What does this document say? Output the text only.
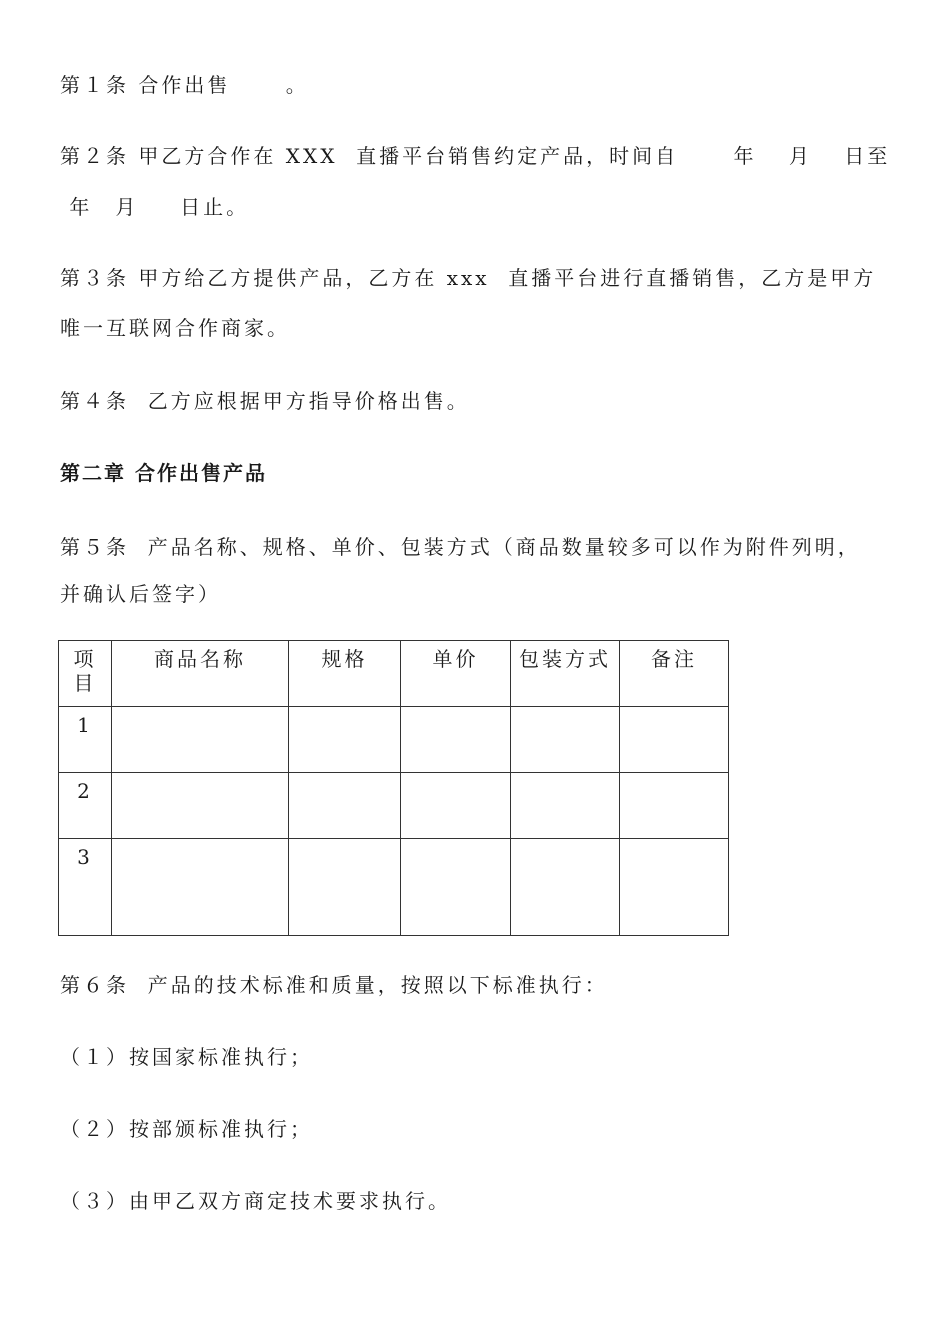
第１条 合作出售　　 。
第２条 甲乙方合作在 XXX  直播平台销售约定产品，时间自　　 年　 月　 日至
年　月　  日止。
第３条 甲方给乙方提供产品，乙方在 xxx  直播平台进行直播销售，乙方是甲方
唯一互联网合作商家。
第４条  乙方应根据甲方指导价格出售。
第二章 合作出售产品
第５条  产品名称、规格、单价、包装方式（商品数量较多可以作为附件列明，
并确认后签字）
项目	商品名称	规格	单价	包装方式	备注
1					
2					
3					
第６条  产品的技术标准和质量，按照以下标准执行：
（１）按国家标准执行；
（２）按部颁标准执行；
（３）由甲乙双方商定技术要求执行。
